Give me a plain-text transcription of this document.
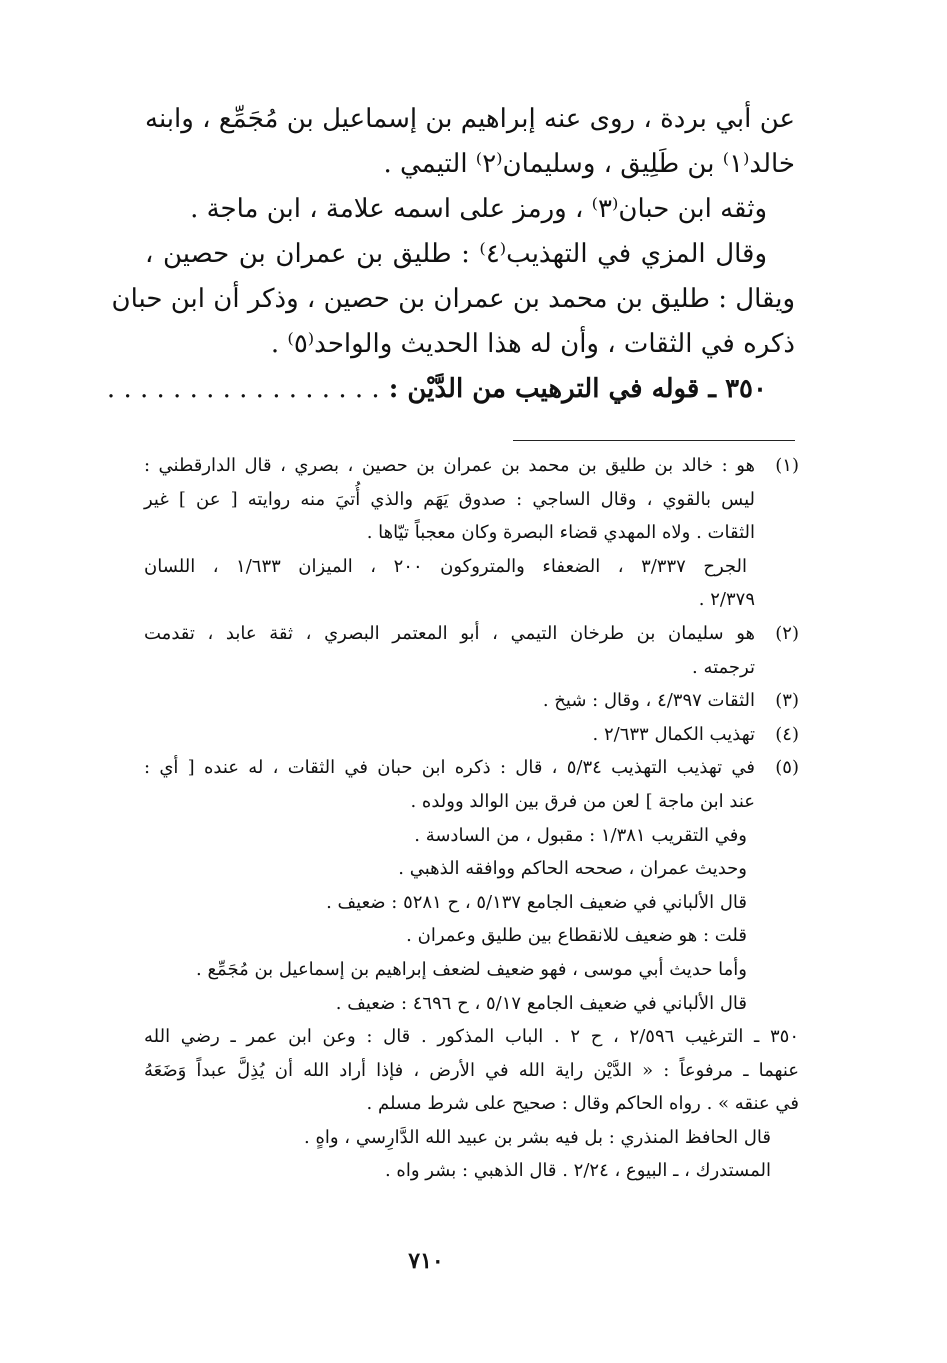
عن أبي بردة ، روى عنه إبراهيم بن إسماعيل بن مُجَمِّع ، وابنه
خالد⁽١⁾ بن طَلِيق ، وسليمان⁽٢⁾ التيمي .
وثقه ابن حبان⁽٣⁾ ، ورمز على اسمه علامة ، ابن ماجة .
وقال المزي في التهذيب⁽٤⁾ : طليق بن عمران بن حصين ،
ويقال : طليق بن محمد بن عمران بن حصين ، وذكر أن ابن حبان
ذكره في الثقات ، وأن له هذا الحديث والواحد⁽٥⁾ .
٣٥٠ ـ قوله في الترهيب من الدَّيْن : . . . . . . . . . . . . . . . . .
(١)
هو : خالد بن طليق بن محمد بن عمران بن حصين ، بصري ، قال الدارقطني :
ليس بالقوي ، وقال الساجي : صدوق يَهَم والذي أُتيَ منه روايته [ عن ] غير
الثقات . ولاه المهدي قضاء البصرة وكان معجباً تيّاها .
الجرح ٣/٣٣٧ ، الضعفاء والمتروكون ٢٠٠ ، الميزان ١/٦٣٣ ، اللسان
٢/٣٧٩ .
(٢)
هو سليمان بن طرخان التيمي ، أبو المعتمر البصري ، ثقة عابد ، تقدمت
ترجمته .
(٣)
الثقات ٤/٣٩٧ ، وقال : شيخ .
(٤)
تهذيب الكمال ٢/٦٣٣ .
(٥)
في تهذيب التهذيب ٥/٣٤ ، قال : ذكره ابن حبان في الثقات ، له عنده [ أي :
عند ابن ماجة ] لعن من فرق بين الوالد وولده .
وفي التقريب ١/٣٨١ : مقبول ، من السادسة .
وحديث عمران ، صححه الحاكم ووافقه الذهبي .
قال الألباني في ضعيف الجامع ٥/١٣٧ ، ح ٥٢٨١ : ضعيف .
قلت : هو ضعيف للانقطاع بين طليق وعمران .
وأما حديث أبي موسى ، فهو ضعيف لضعف إبراهيم بن إسماعيل بن مُجَمِّع .
قال الألباني في ضعيف الجامع ٥/١٧ ، ح ٤٦٩٦ : ضعيف .
٣٥٠ ـ الترغيب ٢/٥٩٦ ، ح ٢ . الباب المذكور . قال : وعن ابن عمر ـ رضي الله
عنهما ـ مرفوعاً : « الدَّيْن راية الله في الأرض ، فإذا أراد الله أن يُذِلَّ عبداً وَضَعَهُ
في عنقه » . رواه الحاكم وقال : صحيح على شرط مسلم .
قال الحافظ المنذري : بل فيه بشر بن عبيد الله الدَّارِسي ، واهٍ .
المستدرك ، ـ البيوع ، ٢/٢٤ . قال الذهبي : بشر واه .
٧١٠
